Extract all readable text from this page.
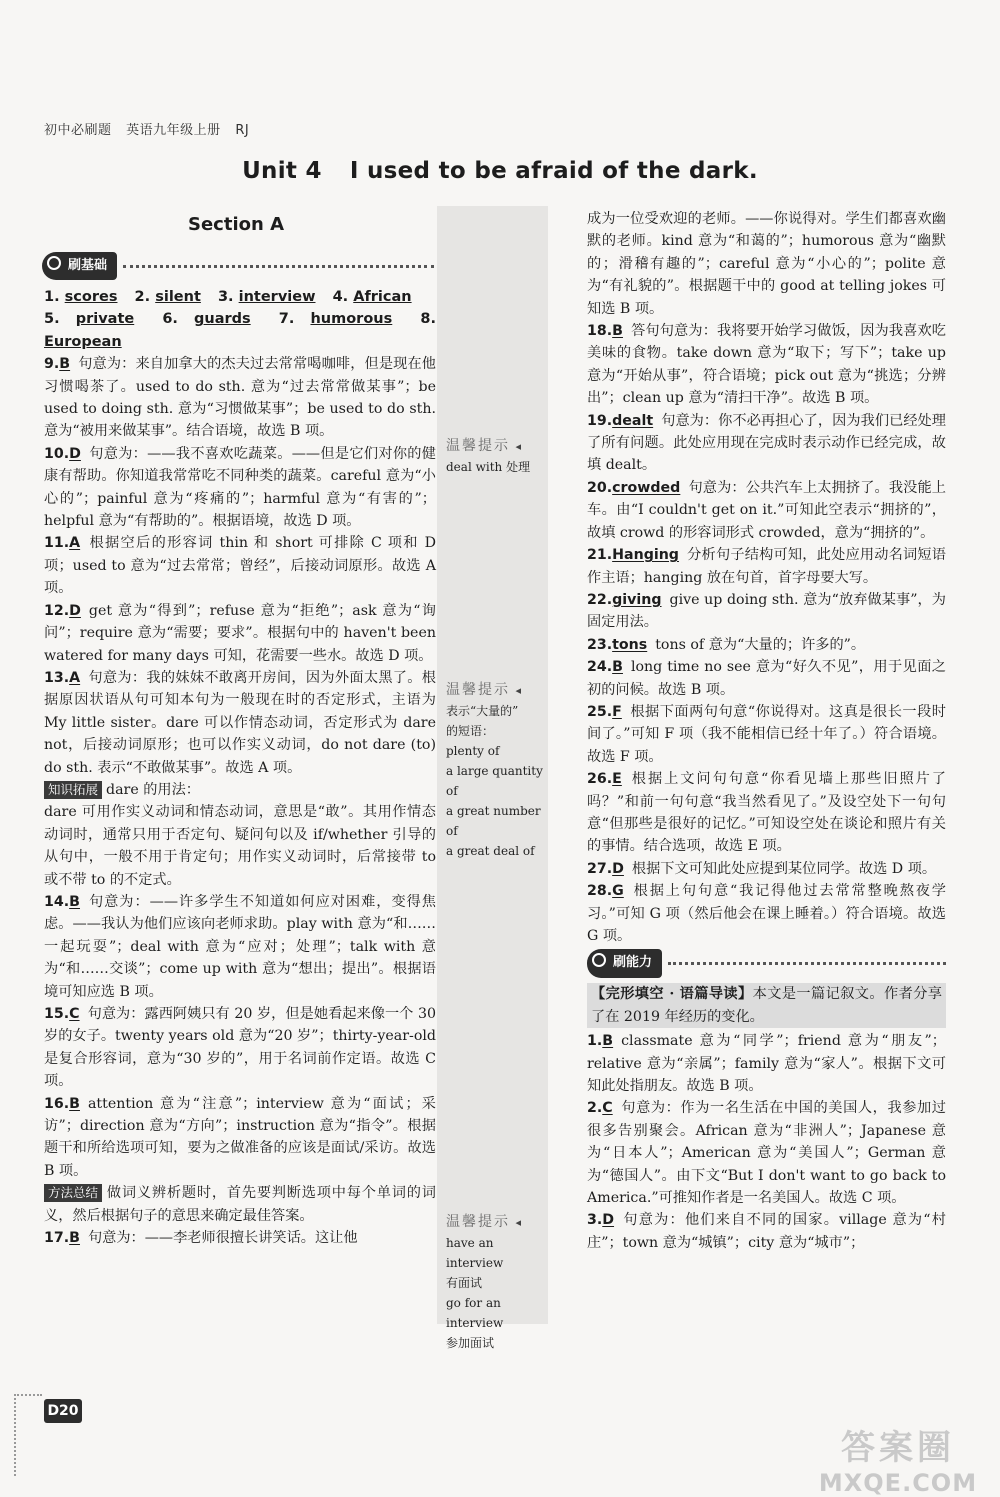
初中必刷题 英语九年级上册 RJ
Unit 4 I used to be afraid of the dark.
Section A
刷基础
1. scores 2. silent 3. interview 4. African
5. private 6. guards 7. humorous 8. European

9.B 句意为：来自加拿大的杰夫过去常常喝咖啡，但是现在他习惯喝茶了。used to do sth. 意为“过去常常做某事”；be used to doing sth. 意为“习惯做某事”；be used to do sth. 意为“被用来做某事”。结合语境，故选 B 项。

10.D 句意为：——我不喜欢吃蔬菜。——但是它们对你的健康有帮助。你知道我常常吃不同种类的蔬菜。careful 意为“小心的”；painful 意为“疼痛的”；harmful 意为“有害的”；helpful 意为“有帮助的”。根据语境，故选 D 项。

11.A 根据空后的形容词 thin 和 short 可排除 C 项和 D 项；used to 意为“过去常常；曾经”，后接动词原形。故选 A 项。

12.D get 意为“得到”；refuse 意为“拒绝”；ask 意为“询问”；require 意为“需要；要求”。根据句中的 haven't been watered for many days 可知，花需要一些水。故选 D 项。

13.A 句意为：我的妹妹不敢离开房间，因为外面太黑了。根据原因状语从句可知本句为一般现在时的否定形式，主语为 My little sister。dare 可以作情态动词，否定形式为 dare not，后接动词原形；也可以作实义动词，do not dare (to) do sth. 表示“不敢做某事”。故选 A 项。

知识拓展 dare 的用法：
dare 可用作实义动词和情态动词，意思是“敢”。其用作情态动词时，通常只用于否定句、疑问句以及 if/whether 引导的从句中，一般不用于肯定句；用作实义动词时，后常接带 to 或不带 to 的不定式。

14.B 句意为：——许多学生不知道如何应对困难，变得焦虑。——我认为他们应该向老师求助。play with 意为“和……一起玩耍”；deal with 意为“应对；处理”；talk with 意为“和……交谈”；come up with 意为“想出；提出”。根据语境可知应选 B 项。

15.C 句意为：露西阿姨只有 20 岁，但是她看起来像一个 30 岁的女子。twenty years old 意为“20 岁”；thirty-year-old 是复合形容词，意为“30 岁的”，用于名词前作定语。故选 C 项。

16.B attention 意为“注意”；interview 意为“面试；采访”；direction 意为“方向”；instruction 意为“指令”。根据题干和所给选项可知，要为之做准备的应该是面试/采访。故选 B 项。

方法总结 做词义辨析题时，首先要判断选项中每个单词的词义，然后根据句子的意思来确定最佳答案。

17.B 句意为：——李老师很擅长讲笑话。这让他

温馨提示 ◂
deal with 处理
温馨提示 ◂
表示“大量的”
的短语：
plenty of
a large quantity of
a great number of
a great deal of
温馨提示 ◂
have an interview
有面试
go for an interview
参加面试

成为一位受欢迎的老师。——你说得对。学生们都喜欢幽默的老师。kind 意为“和蔼的”；humorous 意为“幽默的；滑稽有趣的”；careful 意为“小心的”；polite 意为“有礼貌的”。根据题干中的 good at telling jokes 可知选 B 项。

18.B 答句句意为：我将要开始学习做饭，因为我喜欢吃美味的食物。take down 意为“取下；写下”；take up 意为“开始从事”，符合语境；pick out 意为“挑选；分辨出”；clean up 意为“清扫干净”。故选 B 项。

19.dealt 句意为：你不必再担心了，因为我们已经处理了所有问题。此处应用现在完成时表示动作已经完成，故填 dealt。

20.crowded 句意为：公共汽车上太拥挤了。我没能上车。由“I couldn't get on it.”可知此空表示“拥挤的”，故填 crowd 的形容词形式 crowded，意为“拥挤的”。

21.Hanging 分析句子结构可知，此处应用动名词短语作主语；hanging 放在句首，首字母要大写。

22.giving give up doing sth. 意为“放弃做某事”，为固定用法。

23.tons tons of 意为“大量的；许多的”。

24.B long time no see 意为“好久不见”，用于见面之初的问候。故选 B 项。

25.F 根据下面两句句意“你说得对。这真是很长一段时间了。”可知 F 项（我不能相信已经十年了。）符合语境。故选 F 项。

26.E 根据上文问句句意“你看见墙上那些旧照片了吗？”和前一句句意“我当然看见了。”及设空处下一句句意“但那些是很好的记忆。”可知设空处在谈论和照片有关的事情。结合选项，故选 E 项。

27.D 根据下文可知此处应提到某位同学。故选 D 项。

28.G 根据上句句意“我记得他过去常常整晚熬夜学习。”可知 G 项（然后他会在课上睡着。）符合语境。故选 G 项。

刷能力

【完形填空 · 语篇导读】本文是一篇记叙文。作者分享了在 2019 年经历的变化。

1.B classmate 意为“同学”；friend 意为“朋友”；relative 意为“亲属”；family 意为“家人”。根据下文可知此处指朋友。故选 B 项。

2.C 句意为：作为一名生活在中国的美国人，我参加过很多告别聚会。African 意为“非洲人”；Japanese 意为“日本人”；American 意为“美国人”；German 意为“德国人”。由下文“But I don't want to go back to America.”可推知作者是一名美国人。故选 C 项。

3.D 句意为：他们来自不同的国家。village 意为“村庄”；town 意为“城镇”；city 意为“城市”；

D20
答案圈
MXQE.COM
